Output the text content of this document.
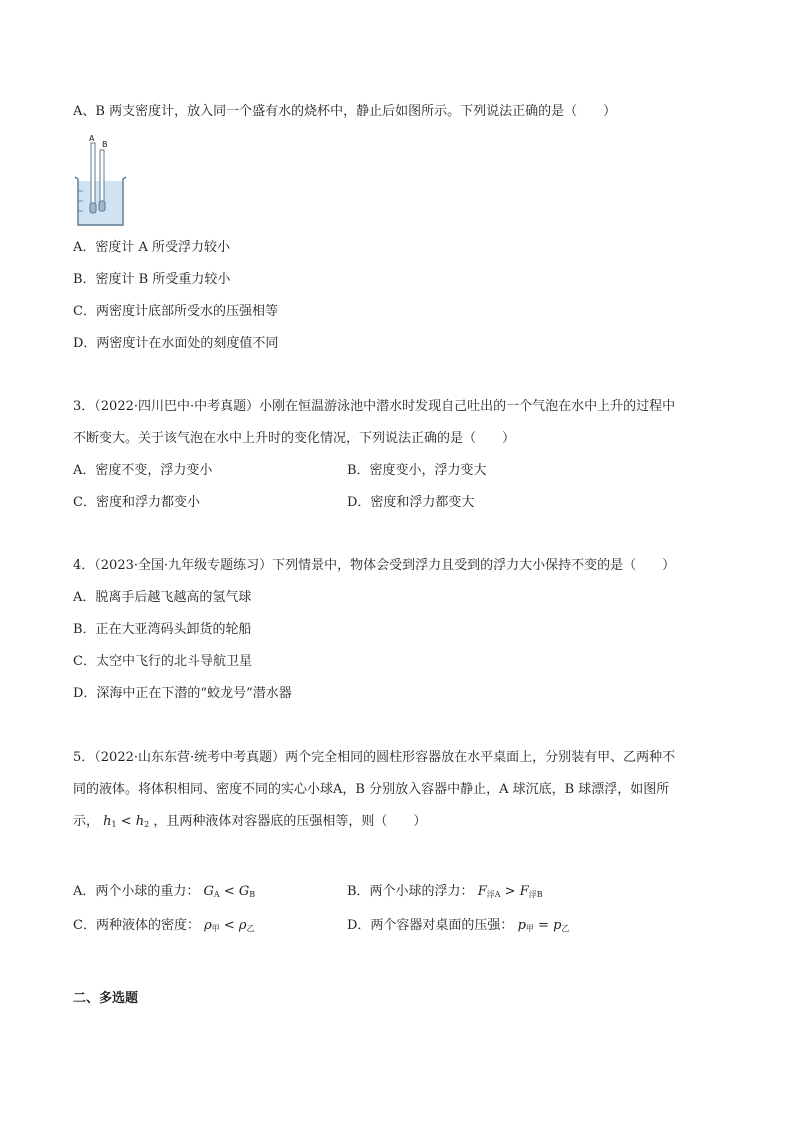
A、B 两支密度计，放入同一个盛有水的烧杯中，静止后如图所示。下列说法正确的是（　　）
A
B
A．密度计 A 所受浮力较小
B．密度计 B 所受重力较小
C．两密度计底部所受水的压强相等
D．两密度计在水面处的刻度值不同
3．（2022·四川巴中·中考真题）小刚在恒温游泳池中潜水时发现自己吐出的一个气泡在水中上升的过程中
不断变大。关于该气泡在水中上升时的变化情况，下列说法正确的是（　　）
A．密度不变，浮力变小	B．密度变小，浮力变大
C．密度和浮力都变小	D．密度和浮力都变大
4．（2023·全国·九年级专题练习）下列情景中，物体会受到浮力且受到的浮力大小保持不变的是（　　）
A．脱离手后越飞越高的氢气球
B．正在大亚湾码头卸货的轮船
C．太空中飞行的北斗导航卫星
D．深海中正在下潜的“蛟龙号”潜水器
5．（2022·山东东营·统考中考真题）两个完全相同的圆柱形容器放在水平桌面上，分别装有甲、乙两种不
同的液体。将体积相同、密度不同的实心小球A，B 分别放入容器中静止，A 球沉底，B 球漂浮，如图所
示， $h_1 < h_2$ ，且两种液体对容器底的压强相等，则（　　）
A．两个小球的重力： $G_A < G_B$	B．两个小球的浮力： $F_{浮A} > F_{浮B}$
C．两种液体的密度： $\rho_甲 < \rho_乙$	D．两个容器对桌面的压强： $p_甲 = p_乙$
二、多选题
